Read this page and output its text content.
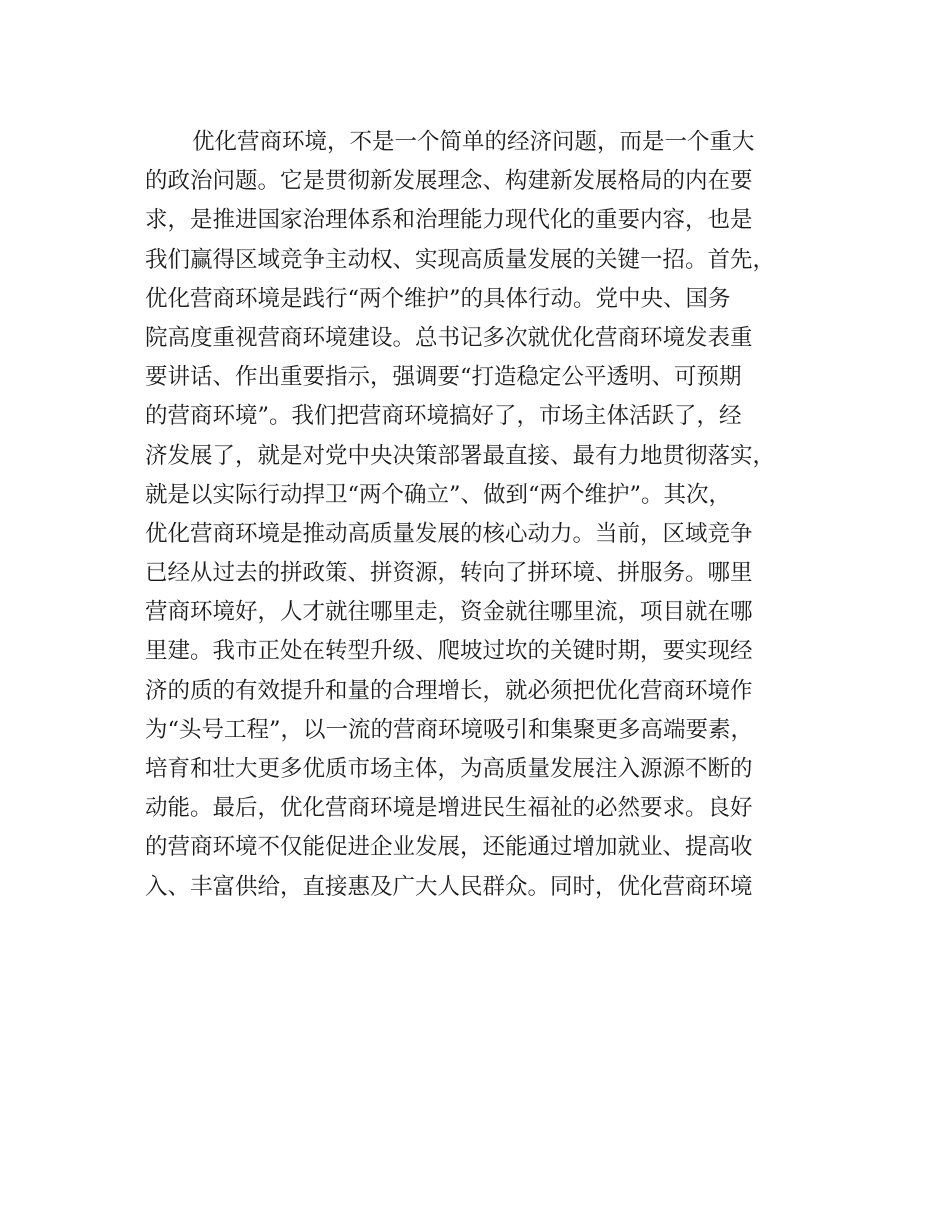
优化营商环境，不是一个简单的经济问题，而是一个重大
的政治问题。它是贯彻新发展理念、构建新发展格局的内在要
求，是推进国家治理体系和治理能力现代化的重要内容，也是
我们赢得区域竞争主动权、实现高质量发展的关键一招。首先，
优化营商环境是践行“两个维护”的具体行动。党中央、国务
院高度重视营商环境建设。总书记多次就优化营商环境发表重
要讲话、作出重要指示，强调要“打造稳定公平透明、可预期
的营商环境”。我们把营商环境搞好了，市场主体活跃了，经
济发展了，就是对党中央决策部署最直接、最有力地贯彻落实，
就是以实际行动捍卫“两个确立”、做到“两个维护”。其次，
优化营商环境是推动高质量发展的核心动力。当前，区域竞争
已经从过去的拼政策、拼资源，转向了拼环境、拼服务。哪里
营商环境好，人才就往哪里走，资金就往哪里流，项目就在哪
里建。我市正处在转型升级、爬坡过坎的关键时期，要实现经
济的质的有效提升和量的合理增长，就必须把优化营商环境作
为“头号工程”，以一流的营商环境吸引和集聚更多高端要素，
培育和壮大更多优质市场主体，为高质量发展注入源源不断的
动能。最后，优化营商环境是增进民生福祉的必然要求。良好
的营商环境不仅能促进企业发展，还能通过增加就业、提高收
入、丰富供给，直接惠及广大人民群众。同时，优化营商环境
